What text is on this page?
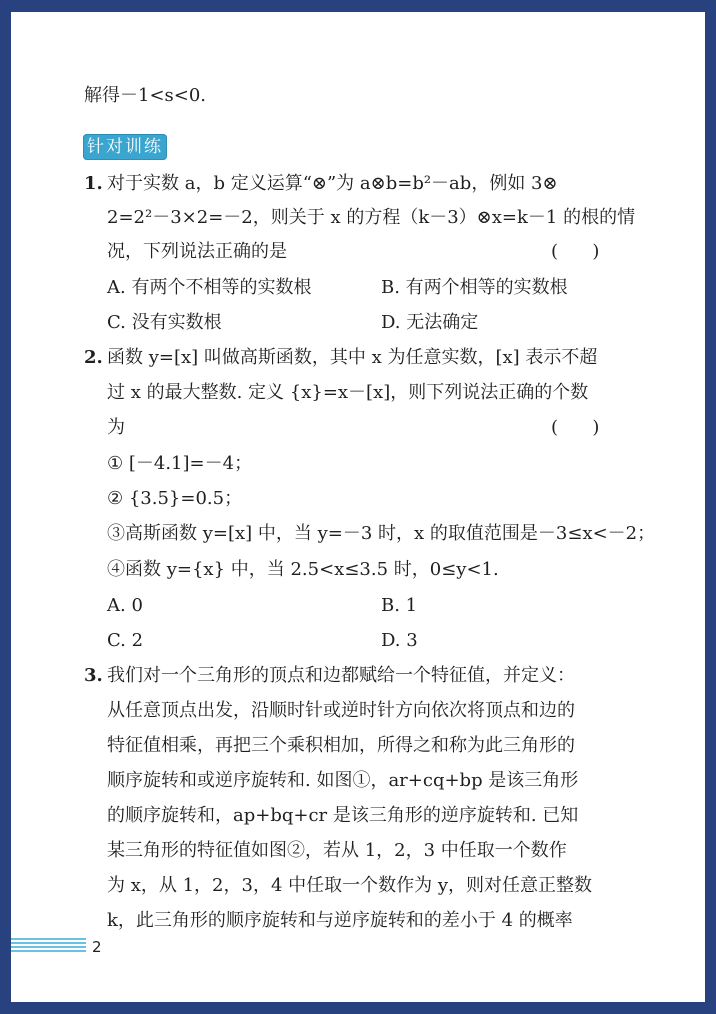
解得－1<s<0.
针对训练
1. 对于实数 a，b 定义运算“⊗”为 a⊗b=b²－ab，例如 3⊗
2=2²－3×2=－2，则关于 x 的方程（k－3）⊗x=k－1 的根的情
况，下列说法正确的是	(      )
A. 有两个不相等的实数根	B. 有两个相等的实数根
C. 没有实数根	D. 无法确定
2. 函数 y=[x] 叫做高斯函数，其中 x 为任意实数，[x] 表示不超
过 x 的最大整数. 定义 {x}=x－[x]，则下列说法正确的个数
为	(      )
① [－4.1]=－4；
② {3.5}=0.5；
③高斯函数 y=[x] 中，当 y=－3 时，x 的取值范围是－3≤x<－2；
④函数 y={x} 中，当 2.5<x≤3.5 时，0≤y<1.
A. 0	B. 1
C. 2	D. 3
3. 我们对一个三角形的顶点和边都赋给一个特征值，并定义：
从任意顶点出发，沿顺时针或逆时针方向依次将顶点和边的
特征值相乘，再把三个乘积相加，所得之和称为此三角形的
顺序旋转和或逆序旋转和. 如图①，ar+cq+bp 是该三角形
的顺序旋转和，ap+bq+cr 是该三角形的逆序旋转和. 已知
某三角形的特征值如图②，若从 1，2，3 中任取一个数作
为 x，从 1，2，3，4 中任取一个数作为 y，则对任意正整数
k，此三角形的顺序旋转和与逆序旋转和的差小于 4 的概率
2
